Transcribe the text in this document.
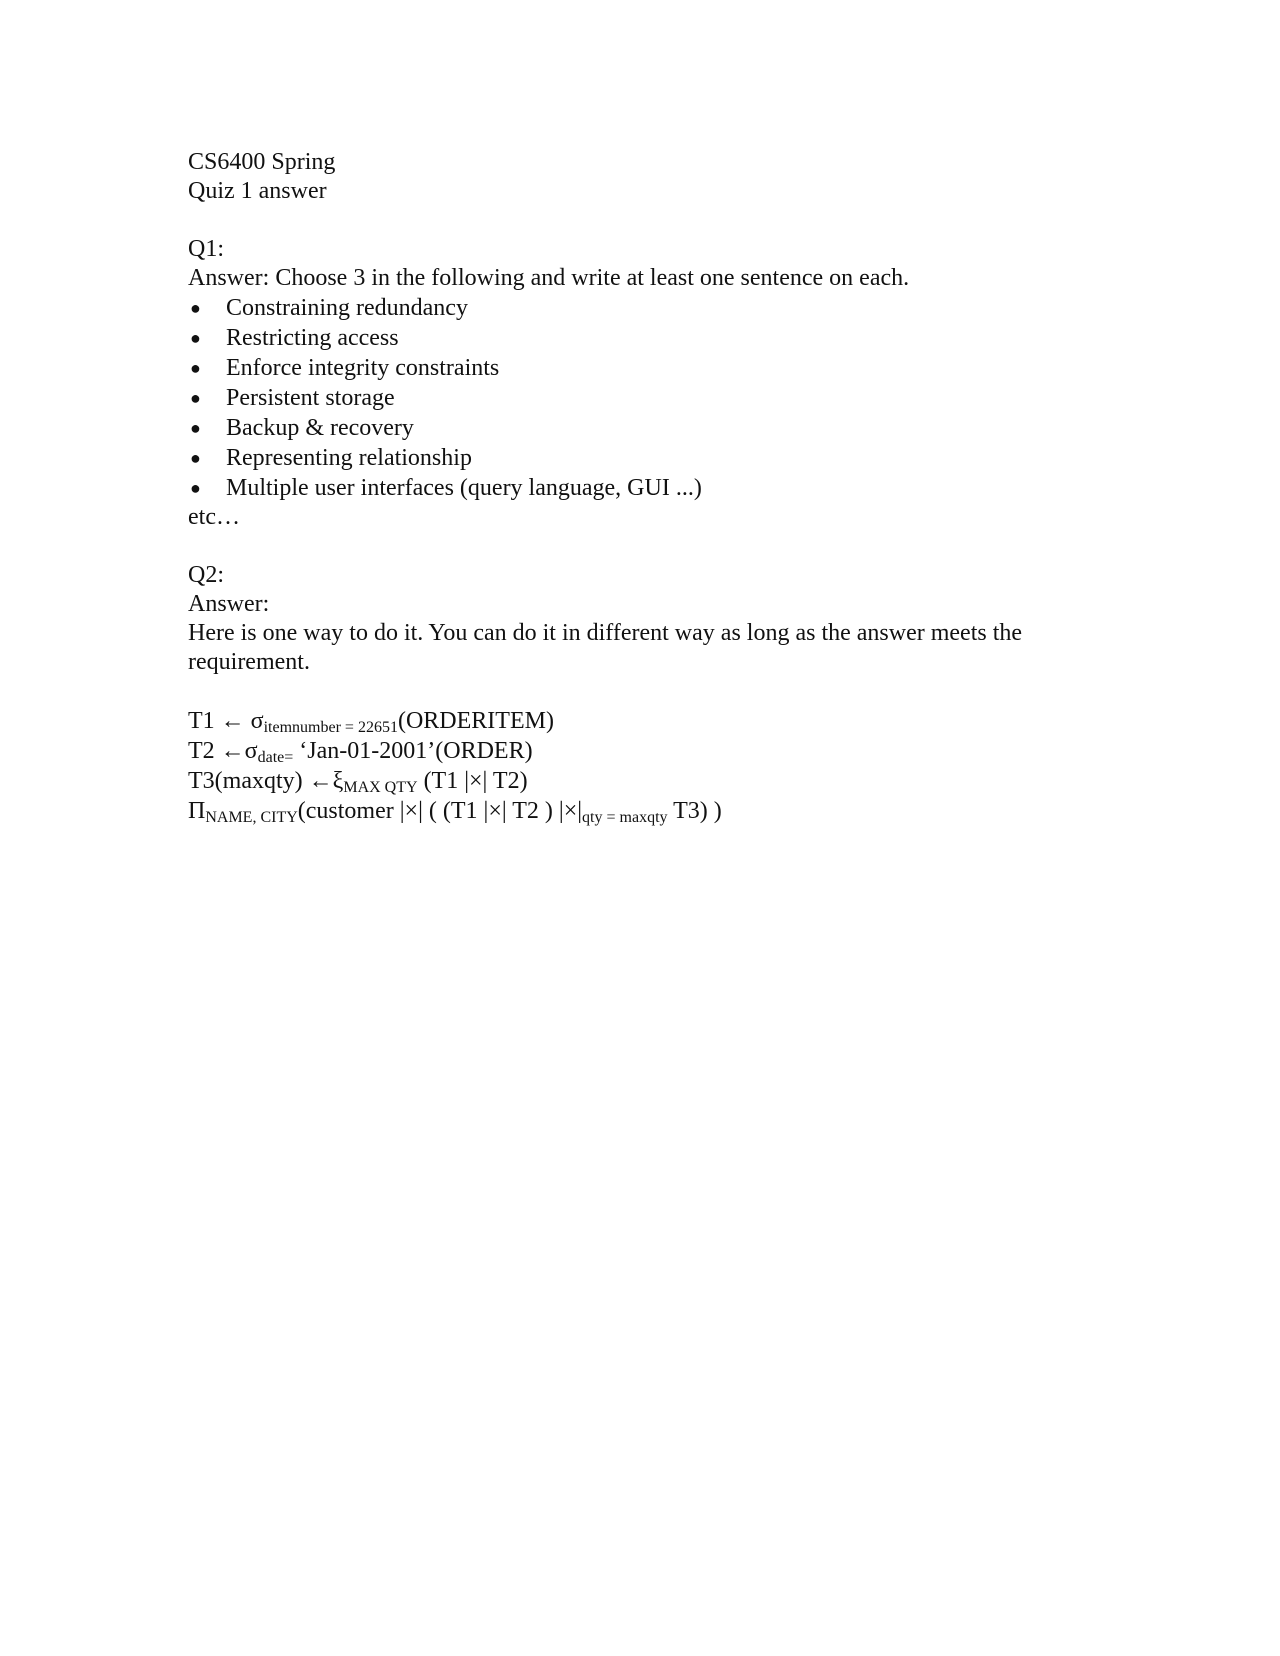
CS6400 Spring
Quiz 1 answer
Q1:
Answer: Choose 3 in the following and write at least one sentence on each.
● Constraining redundancy
● Restricting access
● Enforce integrity constraints
● Persistent storage
● Backup & recovery
● Representing relationship
● Multiple user interfaces (query language, GUI ...)
etc…
Q2:
Answer:
Here is one way to do it. You can do it in different way as long as the answer meets the requirement.
T1 ← $\sigma_{itemnumber = 22651}(ORDERITEM)$
T2 $\leftarrow\sigma_{date=}$ ‘Jan-01-2001’(ORDER)
T3(maxqty) $\leftarrow\xi_{MAX QTY}$ (T1 |×| T2)
$\Pi_{NAME, CITY}(customer$ |×| ( (T1 |×| T2 ) $|\times|_{qty = maxqty}$ T3) )
